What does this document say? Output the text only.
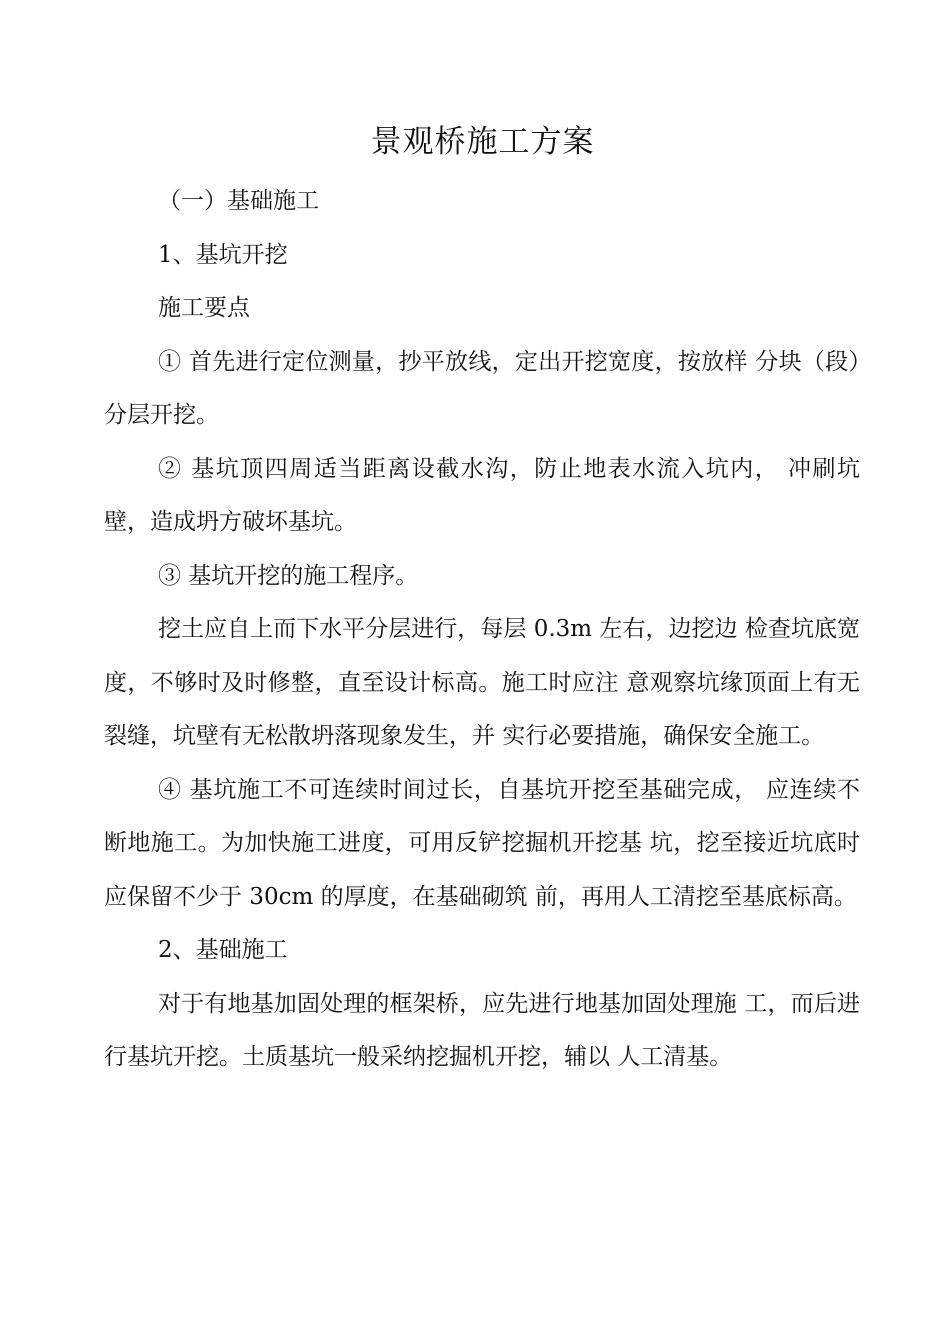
景观桥施工方案

（一）基础施工

1、基坑开挖

施工要点

① 首先进行定位测量，抄平放线，定出开挖宽度，按放样 分块（段）分层开挖。

② 基坑顶四周适当距离设截水沟，防止地表水流入坑内， 冲刷坑壁，造成坍方破坏基坑。

③ 基坑开挖的施工程序。

挖土应自上而下水平分层进行，每层 0.3m 左右，边挖边 检查坑底宽度，不够时及时修整，直至设计标高。施工时应注 意观察坑缘顶面上有无裂缝，坑壁有无松散坍落现象发生，并 实行必要措施，确保安全施工。

④ 基坑施工不可连续时间过长，自基坑开挖至基础完成， 应连续不断地施工。为加快施工进度，可用反铲挖掘机开挖基 坑，挖至接近坑底时应保留不少于 30cm 的厚度，在基础砌筑 前，再用人工清挖至基底标高。

2、基础施工

对于有地基加固处理的框架桥，应先进行地基加固处理施 工，而后进行基坑开挖。土质基坑一般采纳挖掘机开挖，辅以 人工清基。
